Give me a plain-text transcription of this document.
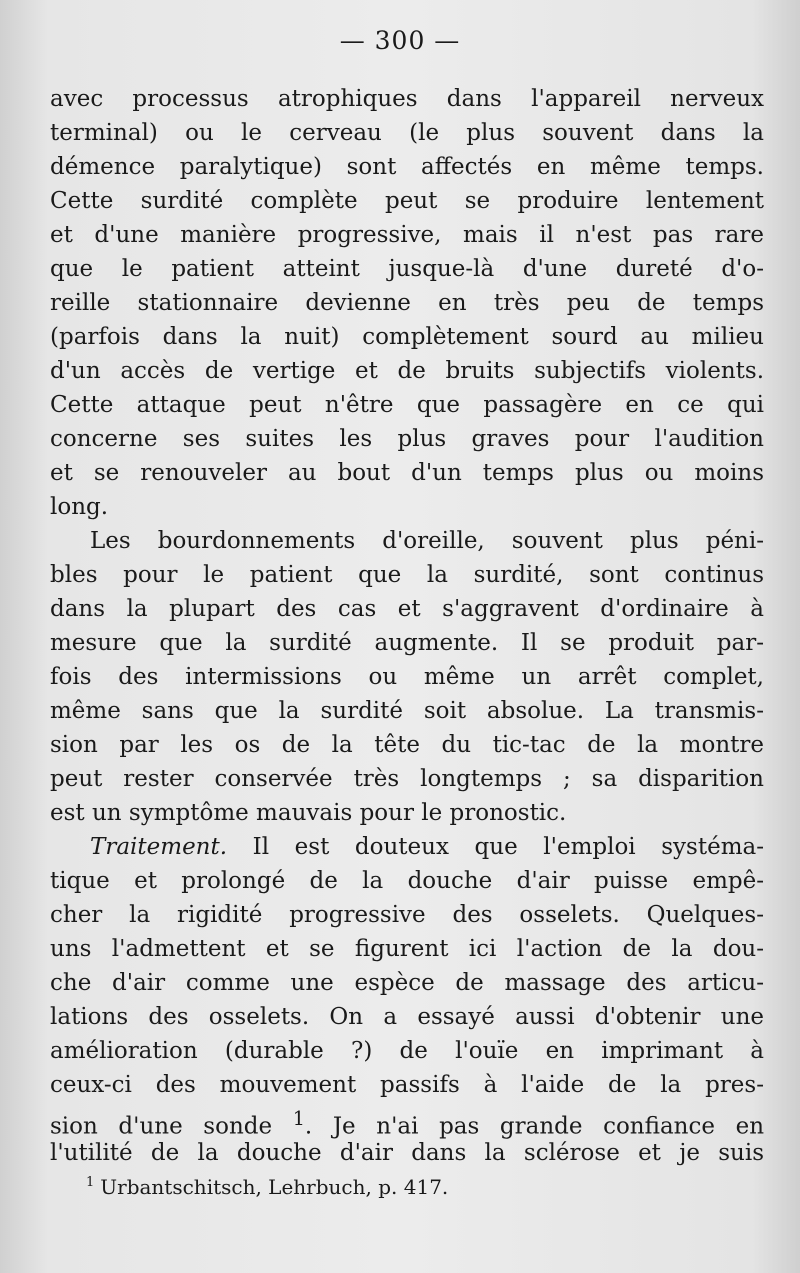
— 300 —
avec processus atrophiques dans l'appareil nerveux
terminal) ou le cerveau (le plus souvent dans la
démence paralytique) sont affectés en même temps.
Cette surdité complète peut se produire lentement
et d'une manière progressive, mais il n'est pas rare
que le patient atteint jusque-là d'une dureté d'o-
reille stationnaire devienne en très peu de temps
(parfois dans la nuit) complètement sourd au milieu
d'un accès de vertige et de bruits subjectifs violents.
Cette attaque peut n'être que passagère en ce qui
concerne ses suites les plus graves pour l'audition
et se renouveler au bout d'un temps plus ou moins
long.
Les bourdonnements d'oreille, souvent plus péni-
bles pour le patient que la surdité, sont continus
dans la plupart des cas et s'aggravent d'ordinaire à
mesure que la surdité augmente. Il se produit par-
fois des intermissions ou même un arrêt complet,
même sans que la surdité soit absolue. La transmis-
sion par les os de la tête du tic-tac de la montre
peut rester conservée très longtemps ; sa disparition
est un symptôme mauvais pour le pronostic.
Traitement. Il est douteux que l'emploi systéma-
tique et prolongé de la douche d'air puisse empê-
cher la rigidité progressive des osselets. Quelques-
uns l'admettent et se figurent ici l'action de la dou-
che d'air comme une espèce de massage des articu-
lations des osselets. On a essayé aussi d'obtenir une
amélioration (durable ?) de l'ouïe en imprimant à
ceux-ci des mouvement passifs à l'aide de la pres-
sion d'une sonde $^1$. Je n'ai pas grande confiance en
l'utilité de la douche d'air dans la sclérose et je suis
$^1$ Urbantschitsch, Lehrbuch, p. 417.
